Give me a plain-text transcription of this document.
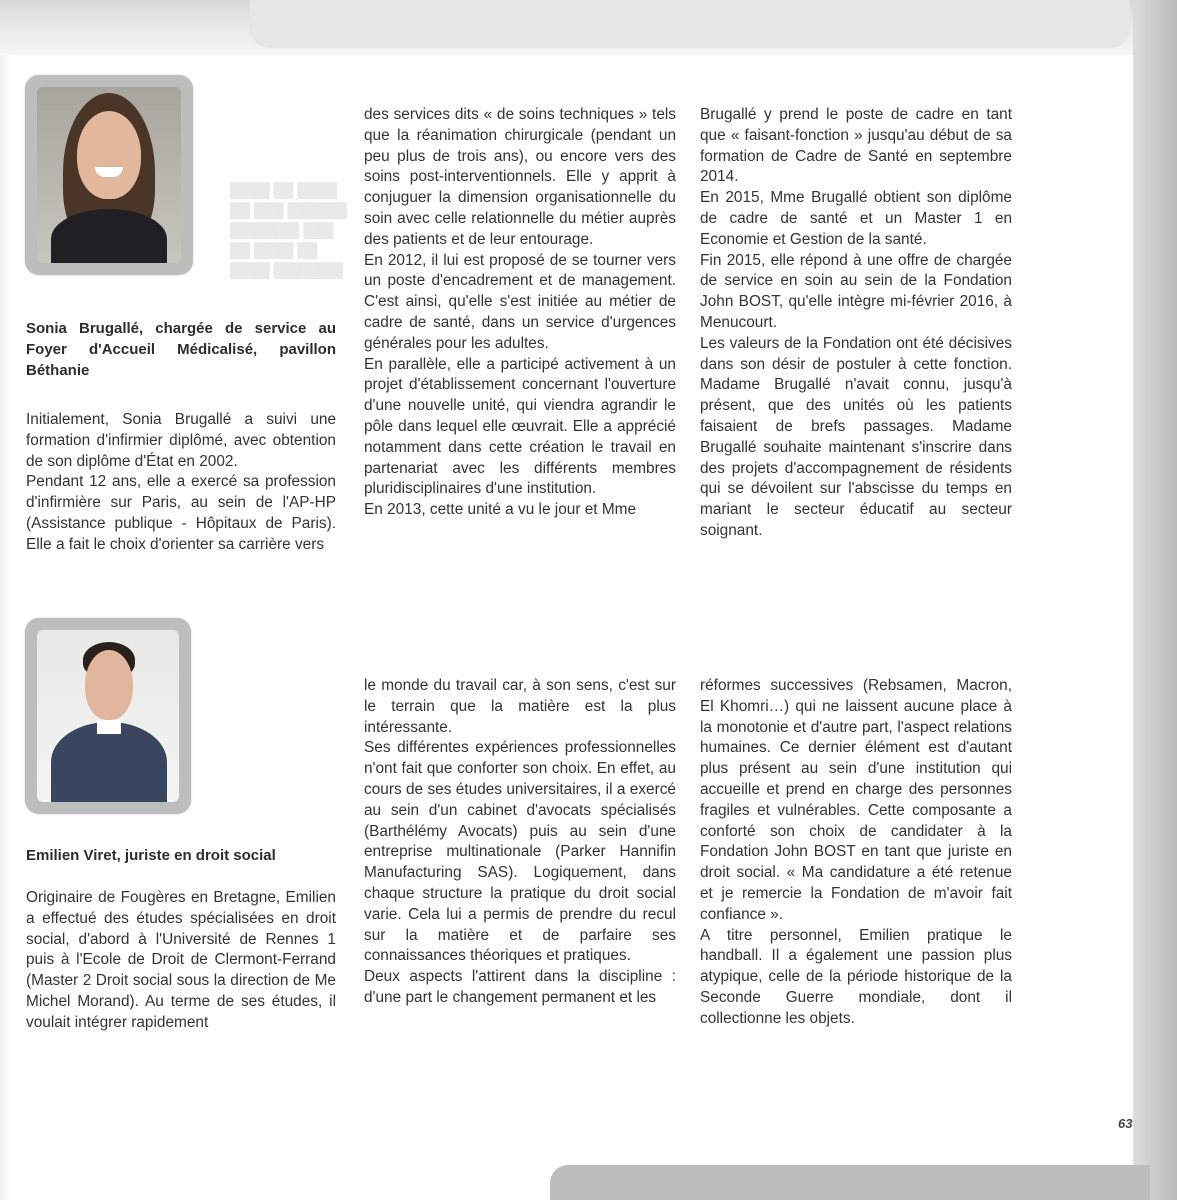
████ ██ ████
██ ███ ██████
███████ ███
██ ████ ██
████ ███████
Sonia Brugallé, chargée de service au Foyer d'Accueil Médicalisé, pavillon Béthanie
Initialement, Sonia Brugallé a suivi une formation d'infirmier diplômé, avec obtention de son diplôme d'État en 2002.
Pendant 12 ans, elle a exercé sa profession d'infirmière sur Paris, au sein de l'AP-HP (Assistance publique - Hôpitaux de Paris). Elle a fait le choix d'orienter sa carrière vers
des services dits « de soins techniques » tels que la réanimation chirurgicale (pendant un peu plus de trois ans), ou encore vers des soins post-interventionnels. Elle y apprit à conjuguer la dimension organisationnelle du soin avec celle relationnelle du métier auprès des patients et de leur entourage.
En 2012, il lui est proposé de se tourner vers un poste d'encadrement et de management. C'est ainsi, qu'elle s'est initiée au métier de cadre de santé, dans un service d'urgences générales pour les adultes.
En parallèle, elle a participé activement à un projet d'établissement concernant l'ouverture d'une nouvelle unité, qui viendra agrandir le pôle dans lequel elle œuvrait. Elle a apprécié notamment dans cette création le travail en partenariat avec les différents membres pluridisciplinaires d'une institution.
En 2013, cette unité a vu le jour et Mme
Brugallé y prend le poste de cadre en tant que « faisant-fonction » jusqu'au début de sa formation de Cadre de Santé en septembre 2014.
En 2015, Mme Brugallé obtient son diplôme de cadre de santé et un Master 1 en Economie et Gestion de la santé.
Fin 2015, elle répond à une offre de chargée de service en soin au sein de la Fondation John BOST, qu'elle intègre mi-février 2016, à Menucourt.
Les valeurs de la Fondation ont été décisives dans son désir de postuler à cette fonction. Madame Brugallé n'avait connu, jusqu'à présent, que des unités où les patients faisaient de brefs passages. Madame Brugallé souhaite maintenant s'inscrire dans des projets d'accompagnement de résidents qui se dévoilent sur l'abscisse du temps en mariant le secteur éducatif au secteur soignant.
Emilien Viret, juriste en droit social
Originaire de Fougères en Bretagne, Emilien a effectué des études spécialisées en droit social, d'abord à l'Université de Rennes 1 puis à l'Ecole de Droit de Clermont-Ferrand (Master 2 Droit social sous la direction de Me Michel Morand). Au terme de ses études, il voulait intégrer rapidement
le monde du travail car, à son sens, c'est sur le terrain que la matière est la plus intéressante.
Ses différentes expériences professionnelles n'ont fait que conforter son choix. En effet, au cours de ses études universitaires, il a exercé au sein d'un cabinet d'avocats spécialisés (Barthélémy Avocats) puis au sein d'une entreprise multinationale (Parker Hannifin Manufacturing SAS). Logiquement, dans chaque structure la pratique du droit social varie. Cela lui a permis de prendre du recul sur la matière et de parfaire ses connaissances théoriques et pratiques.
Deux aspects l'attirent dans la discipline : d'une part le changement permanent et les
réformes successives (Rebsamen, Macron, El Khomri…) qui ne laissent aucune place à la monotonie et d'autre part, l'aspect relations humaines. Ce dernier élément est d'autant plus présent au sein d'une institution qui accueille et prend en charge des personnes fragiles et vulnérables. Cette composante a conforté son choix de candidater à la Fondation John BOST en tant que juriste en droit social. « Ma candidature a été retenue et je remercie la Fondation de m'avoir fait confiance ».
A titre personnel, Emilien pratique le handball. Il a également une passion plus atypique, celle de la période historique de la Seconde Guerre mondiale, dont il collectionne les objets.
63
